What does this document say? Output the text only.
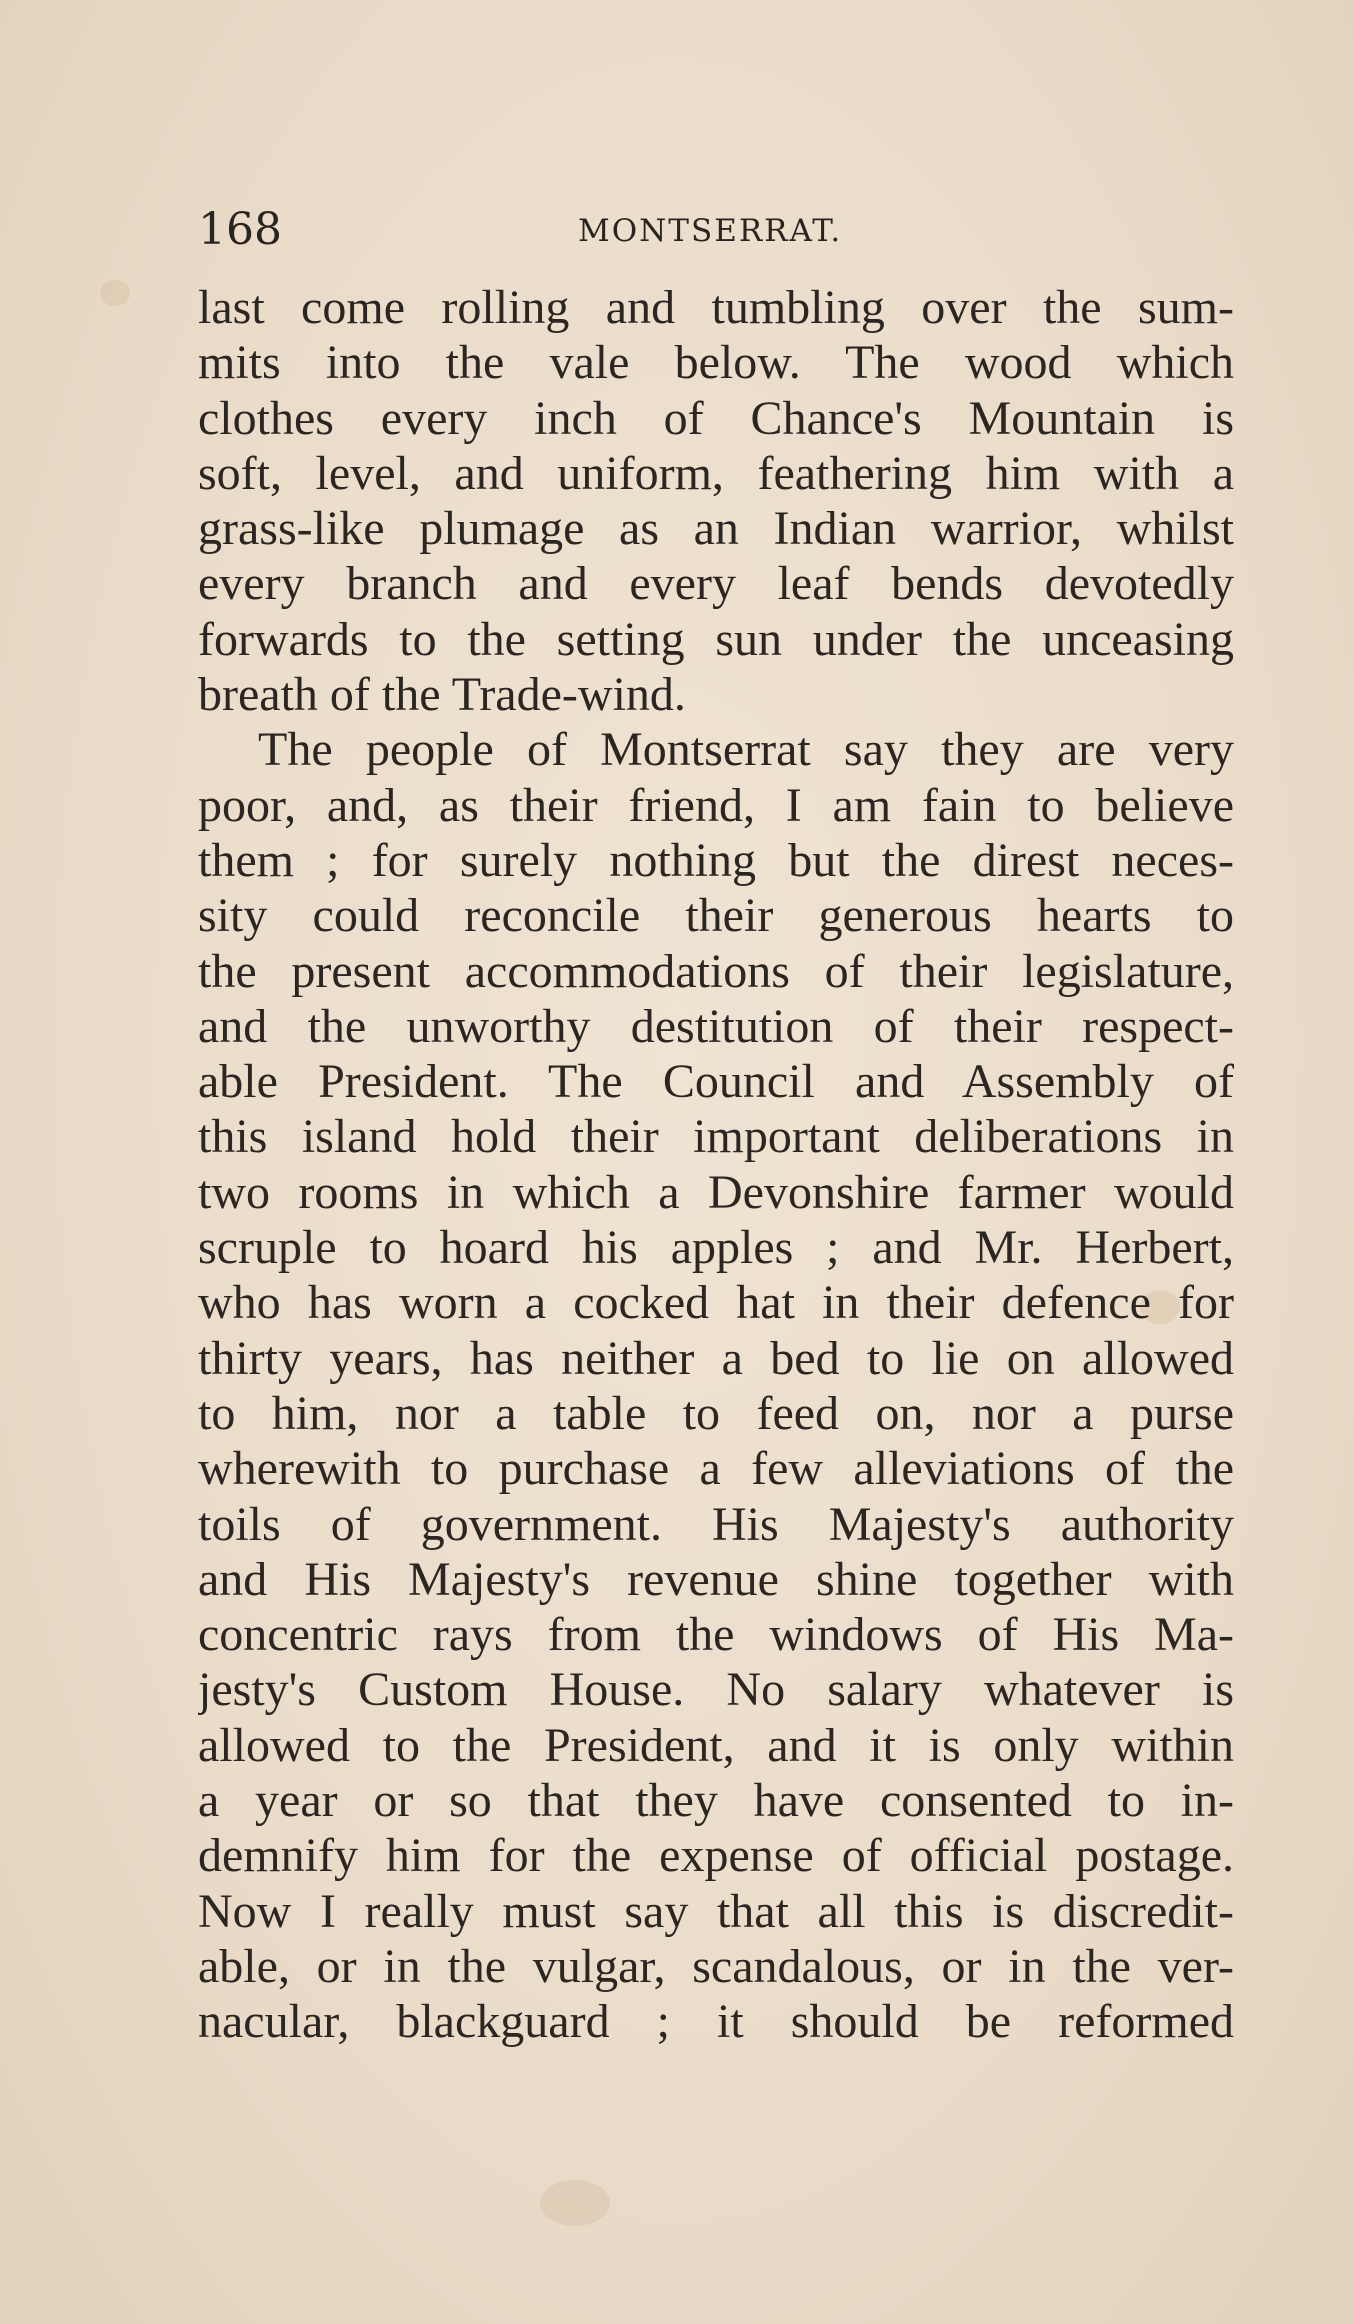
168	MONTSERRAT.
last come rolling and tumbling over the sum-
mits into the vale below. The wood which
clothes every inch of Chance's Mountain is
soft, level, and uniform, feathering him with a
grass-like plumage as an Indian warrior, whilst
every branch and every leaf bends devotedly
forwards to the setting sun under the unceasing
breath of the Trade-wind.
The people of Montserrat say they are very
poor, and, as their friend, I am fain to believe
them ; for surely nothing but the direst neces-
sity could reconcile their generous hearts to
the present accommodations of their legislature,
and the unworthy destitution of their respect-
able President. The Council and Assembly of
this island hold their important deliberations in
two rooms in which a Devonshire farmer would
scruple to hoard his apples ; and Mr. Herbert,
who has worn a cocked hat in their defence for
thirty years, has neither a bed to lie on allowed
to him, nor a table to feed on, nor a purse
wherewith to purchase a few alleviations of the
toils of government. His Majesty's authority
and His Majesty's revenue shine together with
concentric rays from the windows of His Ma-
jesty's Custom House. No salary whatever is
allowed to the President, and it is only within
a year or so that they have consented to in-
demnify him for the expense of official postage.
Now I really must say that all this is discredit-
able, or in the vulgar, scandalous, or in the ver-
nacular, blackguard ; it should be reformed
